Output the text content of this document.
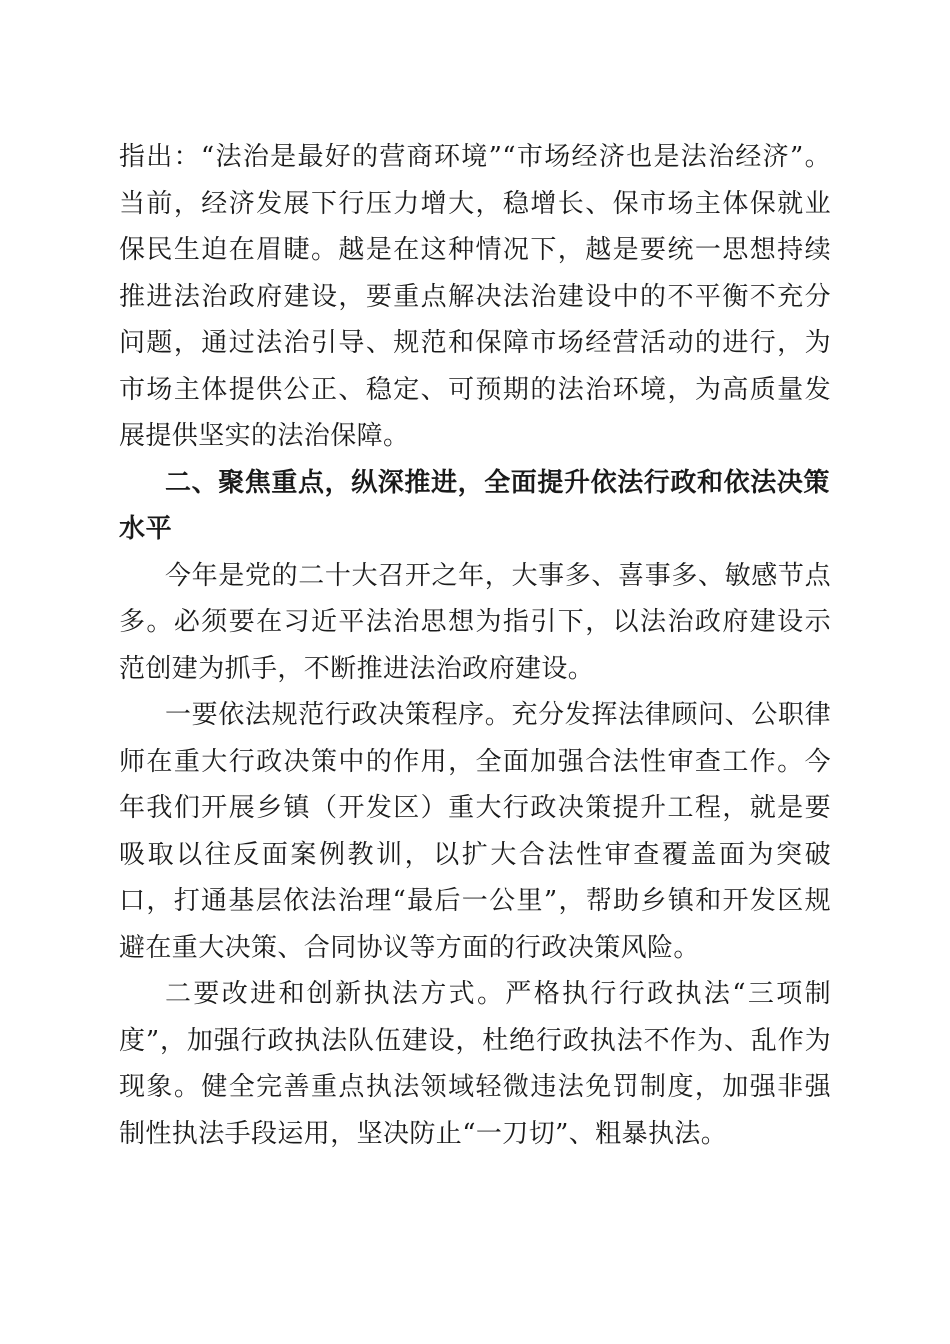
指出：“法治是最好的营商环境”“市场经济也是法治经济”。当前，经济发展下行压力增大，稳增长、保市场主体保就业保民生迫在眉睫。越是在这种情况下，越是要统一思想持续推进法治政府建设，要重点解决法治建设中的不平衡不充分问题，通过法治引导、规范和保障市场经营活动的进行，为市场主体提供公正、稳定、可预期的法治环境，为高质量发展提供坚实的法治保障。

二、聚焦重点，纵深推进，全面提升依法行政和依法决策水平

今年是党的二十大召开之年，大事多、喜事多、敏感节点多。必须要在习近平法治思想为指引下，以法治政府建设示范创建为抓手，不断推进法治政府建设。

一要依法规范行政决策程序。充分发挥法律顾问、公职律师在重大行政决策中的作用，全面加强合法性审查工作。今年我们开展乡镇（开发区）重大行政决策提升工程，就是要吸取以往反面案例教训，以扩大合法性审查覆盖面为突破口，打通基层依法治理“最后一公里”，帮助乡镇和开发区规避在重大决策、合同协议等方面的行政决策风险。

二要改进和创新执法方式。严格执行行政执法“三项制度”，加强行政执法队伍建设，杜绝行政执法不作为、乱作为现象。健全完善重点执法领域轻微违法免罚制度，加强非强制性执法手段运用，坚决防止“一刀切”、粗暴执法。
